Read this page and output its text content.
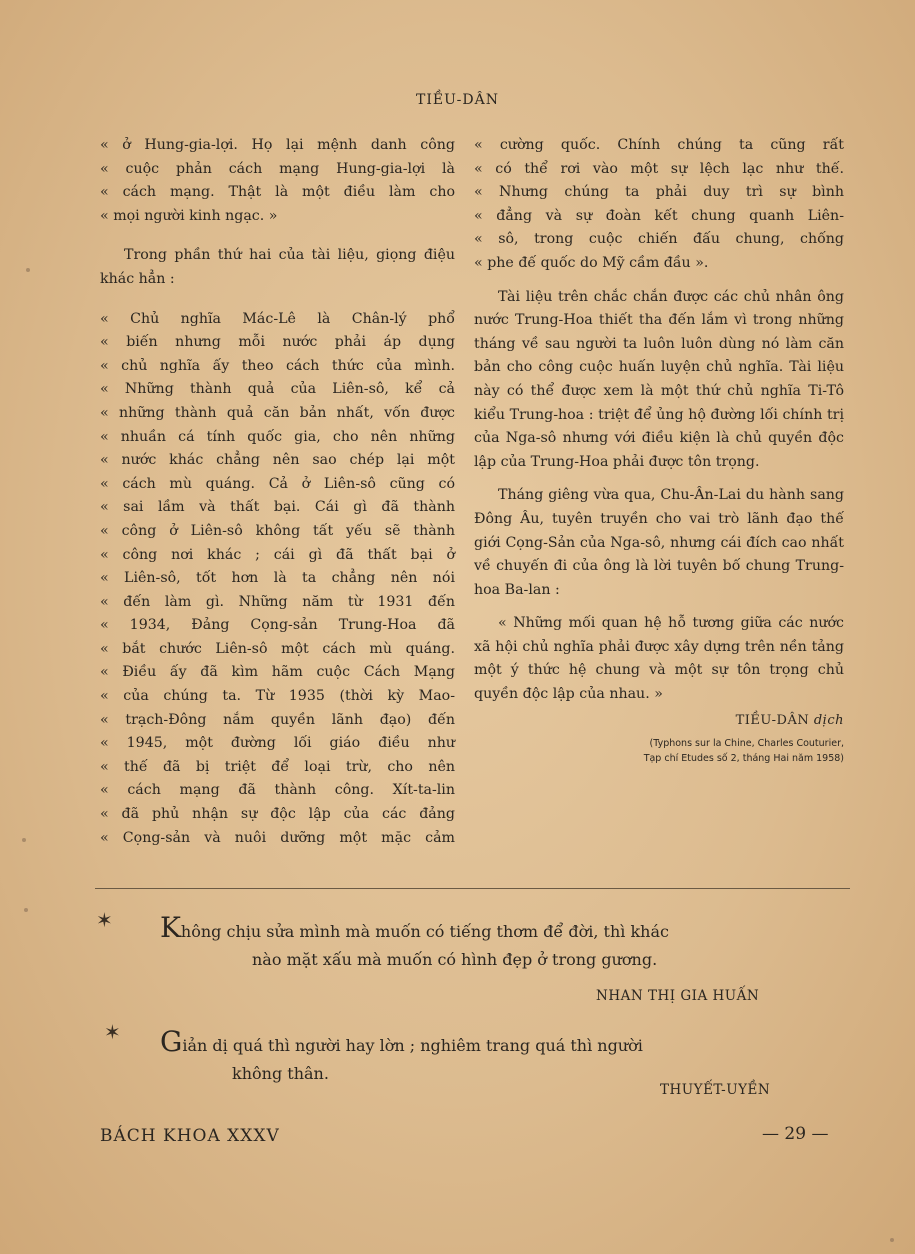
TIỀU-DÂN

« ở Hung-gia-lợi. Họ lại mệnh danh công
« cuộc phản cách mạng Hung-gia-lợi là
« cách mạng. Thật là một điều làm cho
« mọi người kinh ngạc. »

Trong phần thứ hai của tài liệu, giọng điệu khác hẳn :

« Chủ nghĩa Mác-Lê là Chân-lý phổ
« biến nhưng mỗi nước phải áp dụng
« chủ nghĩa ấy theo cách thức của mình.
« Những thành quả của Liên-sô, kể cả
« những thành quả căn bản nhất, vốn được
« nhuần cá tính quốc gia, cho nên những
« nước khác chẳng nên sao chép lại một
« cách mù quáng. Cả ở Liên-sô cũng có
« sai lầm và thất bại. Cái gì đã thành
« công ở Liên-sô không tất yếu sẽ thành
« công nơi khác ; cái gì đã thất bại ở
« Liên-sô, tốt hơn là ta chẳng nên nói
« đến làm gì. Những năm từ 1931 đến
« 1934, Đảng Cọng-sản Trung-Hoa đã
« bắt chước Liên-sô một cách mù quáng.
« Điều ấy đã kìm hãm cuộc Cách Mạng
« của chúng ta. Từ 1935 (thời kỳ Mao-
« trạch-Đông nắm quyền lãnh đạo) đến
« 1945, một đường lối giáo điều như
« thế đã bị triệt để loại trừ, cho nên
« cách mạng đã thành công. Xít-ta-lin
« đã phủ nhận sự độc lập của các đảng
« Cọng-sản và nuôi dưỡng một mặc cảm

« cường quốc. Chính chúng ta cũng rất
« có thể rơi vào một sự lệch lạc như thế.
« Nhưng chúng ta phải duy trì sự bình
« đẳng và sự đoàn kết chung quanh Liên-
« sô, trong cuộc chiến đấu chung, chống
« phe đế quốc do Mỹ cầm đầu ».

Tài liệu trên chắc chắn được các chủ nhân ông nước Trung-Hoa thiết tha đến lắm vì trong những tháng về sau người ta luôn luôn dùng nó làm căn bản cho công cuộc huấn luyện chủ nghĩa. Tài liệu này có thể được xem là một thứ chủ nghĩa Ti-Tô kiểu Trung-hoa : triệt để ủng hộ đường lối chính trị của Nga-sô nhưng với điều kiện là chủ quyền độc lập của Trung-Hoa phải được tôn trọng.

Tháng giêng vừa qua, Chu-Ân-Lai du hành sang Đông Âu, tuyên truyền cho vai trò lãnh đạo thế giới Cọng-Sản của Nga-sô, nhưng cái đích cao nhất về chuyến đi của ông là lời tuyên bố chung Trung-hoa Ba-lan :

« Những mối quan hệ hỗ tương giữa các nước xã hội chủ nghĩa phải được xây dựng trên nền tảng một ý thức hệ chung và một sự tôn trọng chủ quyền độc lập của nhau. »

TIỀU-DÂN dịch
(Typhons sur la Chine, Charles Couturier,
Tạp chí Etudes số 2, tháng Hai năm 1958)
✶ Không chịu sửa mình mà muốn có tiếng thơm để đời, thì khác
nào mặt xấu mà muốn có hình đẹp ở trong gương.
NHAN THỊ GIA HUẤN
✶ Giản dị quá thì người hay lờn ; nghiêm trang quá thì người
không thân.
THUYẾT-UYỀN
BÁCH KHOA XXXV	— 29 —
